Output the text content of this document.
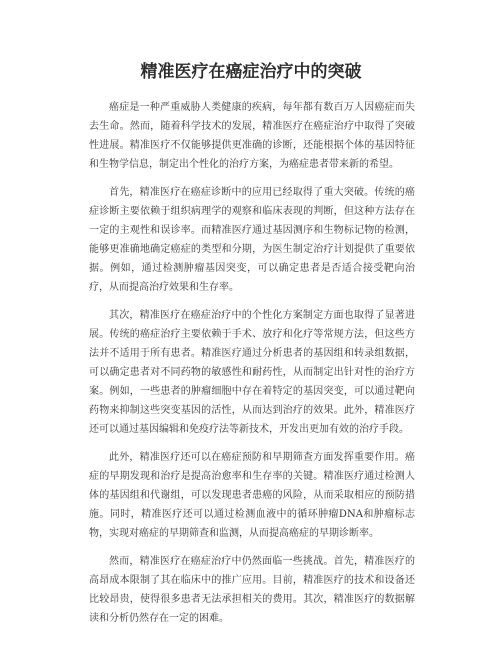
精准医疗在癌症治疗中的突破

癌症是一种严重威胁人类健康的疾病，每年都有数百万人因癌症而失去生命。然而，随着科学技术的发展，精准医疗在癌症治疗中取得了突破性进展。精准医疗不仅能够提供更准确的诊断，还能根据个体的基因特征和生物学信息，制定出个性化的治疗方案，为癌症患者带来新的希望。

首先，精准医疗在癌症诊断中的应用已经取得了重大突破。传统的癌症诊断主要依赖于组织病理学的观察和临床表现的判断，但这种方法存在一定的主观性和误诊率。而精准医疗通过基因测序和生物标记物的检测，能够更准确地确定癌症的类型和分期，为医生制定治疗计划提供了重要依据。例如，通过检测肿瘤基因突变，可以确定患者是否适合接受靶向治疗，从而提高治疗效果和生存率。

其次，精准医疗在癌症治疗中的个性化方案制定方面也取得了显著进展。传统的癌症治疗主要依赖于手术、放疗和化疗等常规方法，但这些方法并不适用于所有患者。精准医疗通过分析患者的基因组和转录组数据，可以确定患者对不同药物的敏感性和耐药性，从而制定出针对性的治疗方案。例如，一些患者的肿瘤细胞中存在着特定的基因突变，可以通过靶向药物来抑制这些突变基因的活性，从而达到治疗的效果。此外，精准医疗还可以通过基因编辑和免疫疗法等新技术，开发出更加有效的治疗手段。

此外，精准医疗还可以在癌症预防和早期筛查方面发挥重要作用。癌症的早期发现和治疗是提高治愈率和生存率的关键。精准医疗通过检测人体的基因组和代谢组，可以发现患者患癌的风险，从而采取相应的预防措施。同时，精准医疗还可以通过检测血液中的循环肿瘤DNA和肿瘤标志物，实现对癌症的早期筛查和监测，从而提高癌症的早期诊断率。

然而，精准医疗在癌症治疗中仍然面临一些挑战。首先，精准医疗的高昂成本限制了其在临床中的推广应用。目前，精准医疗的技术和设备还比较昂贵，使得很多患者无法承担相关的费用。其次，精准医疗的数据解读和分析仍然存在一定的困难。
